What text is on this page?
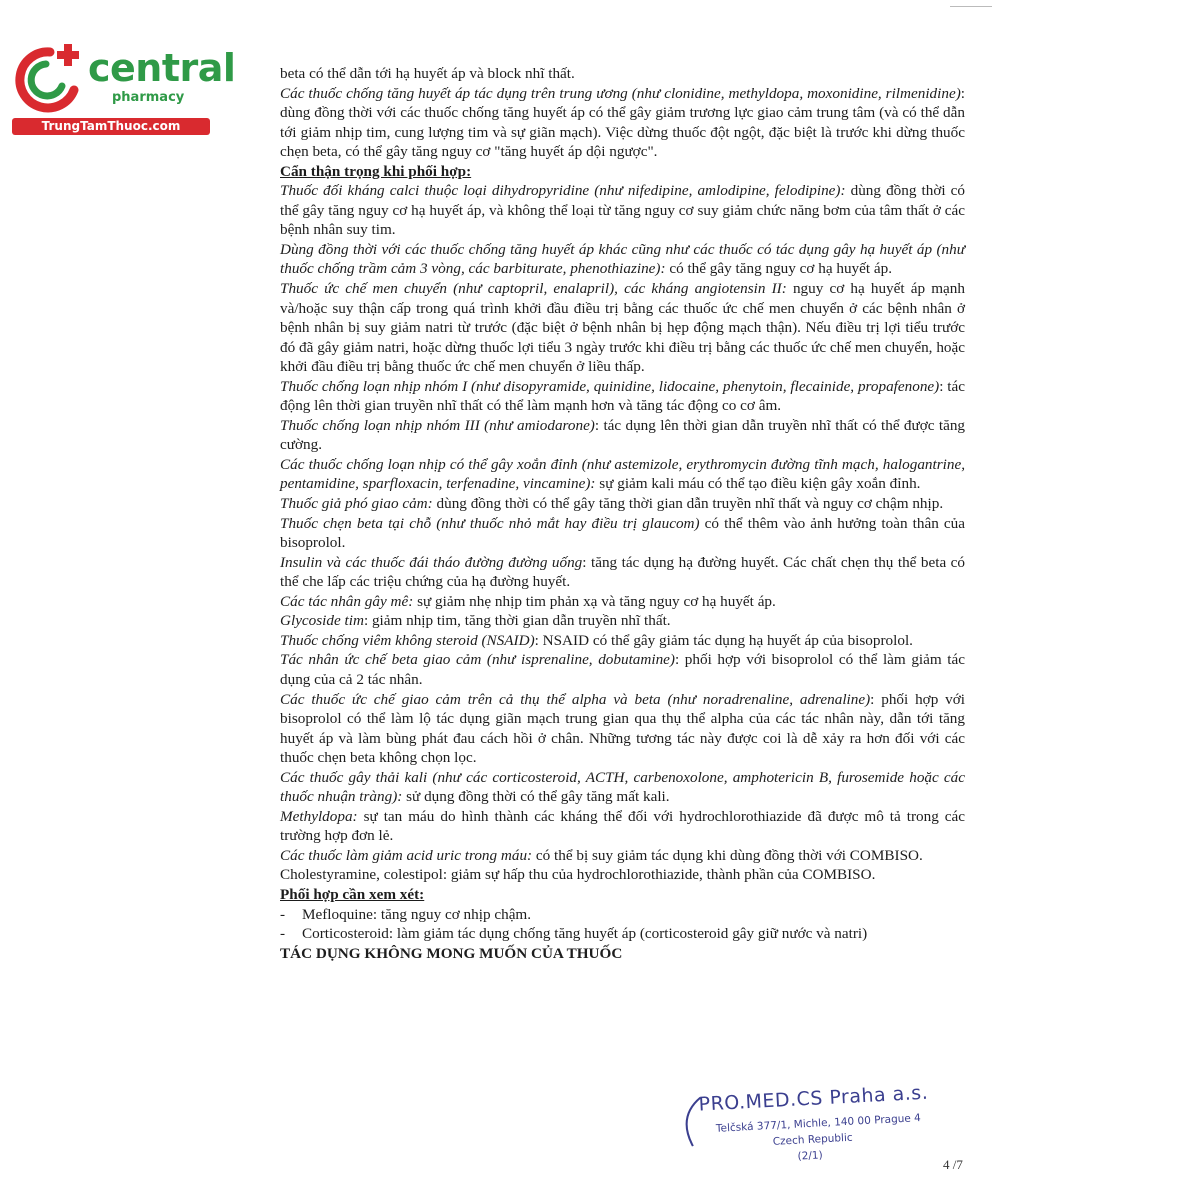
central
pharmacy
TrungTamThuoc.com

beta có thể dẫn tới hạ huyết áp và block nhĩ thất.

Các thuốc chống tăng huyết áp tác dụng trên trung ương (như clonidine, methyldopa, moxonidine, rilmenidine): dùng đồng thời với các thuốc chống tăng huyết áp có thể gây giảm trương lực giao cảm trung tâm (và có thể dẫn tới giảm nhịp tim, cung lượng tim và sự giãn mạch). Việc dừng thuốc đột ngột, đặc biệt là trước khi dừng thuốc chẹn beta, có thể gây tăng nguy cơ "tăng huyết áp dội ngược".

Cẩn thận trọng khi phối hợp:

Thuốc đối kháng calci thuộc loại dihydropyridine (như nifedipine, amlodipine, felodipine): dùng đồng thời có thể gây tăng nguy cơ hạ huyết áp, và không thể loại từ tăng nguy cơ suy giảm chức năng bơm của tâm thất ở các bệnh nhân suy tim.

Dùng đồng thời với các thuốc chống tăng huyết áp khác cũng như các thuốc có tác dụng gây hạ huyết áp (như thuốc chống trầm cảm 3 vòng, các barbiturate, phenothiazine): có thể gây tăng nguy cơ hạ huyết áp.

Thuốc ức chế men chuyển (như captopril, enalapril), các kháng angiotensin II: nguy cơ hạ huyết áp mạnh và/hoặc suy thận cấp trong quá trình khởi đầu điều trị bằng các thuốc ức chế men chuyển ở các bệnh nhân ở bệnh nhân bị suy giảm natri từ trước (đặc biệt ở bệnh nhân bị hẹp động mạch thận). Nếu điều trị lợi tiểu trước đó đã gây giảm natri, hoặc dừng thuốc lợi tiểu 3 ngày trước khi điều trị bằng các thuốc ức chế men chuyển, hoặc khởi đầu điều trị bằng thuốc ức chế men chuyển ở liều thấp.

Thuốc chống loạn nhịp nhóm I (như disopyramide, quinidine, lidocaine, phenytoin, flecainide, propafenone): tác động lên thời gian truyền nhĩ thất có thể làm mạnh hơn và tăng tác động co cơ âm.

Thuốc chống loạn nhịp nhóm III (như amiodarone): tác dụng lên thời gian dẫn truyền nhĩ thất có thể được tăng cường.

Các thuốc chống loạn nhịp có thể gây xoắn đỉnh (như astemizole, erythromycin đường tĩnh mạch, halogantrine, pentamidine, sparfloxacin, terfenadine, vincamine): sự giảm kali máu có thể tạo điều kiện gây xoắn đỉnh.

Thuốc giả phó giao cảm: dùng đồng thời có thể gây tăng thời gian dẫn truyền nhĩ thất và nguy cơ chậm nhịp.

Thuốc chẹn beta tại chỗ (như thuốc nhỏ mắt hay điều trị glaucom) có thể thêm vào ảnh hưởng toàn thân của bisoprolol.

Insulin và các thuốc đái tháo đường đường uống: tăng tác dụng hạ đường huyết. Các chất chẹn thụ thể beta có thể che lấp các triệu chứng của hạ đường huyết.

Các tác nhân gây mê: sự giảm nhẹ nhịp tim phản xạ và tăng nguy cơ hạ huyết áp.

Glycoside tim: giảm nhịp tim, tăng thời gian dẫn truyền nhĩ thất.

Thuốc chống viêm không steroid (NSAID): NSAID có thể gây giảm tác dụng hạ huyết áp của bisoprolol.

Tác nhân ức chế beta giao cảm (như isprenaline, dobutamine): phối hợp với bisoprolol có thể làm giảm tác dụng của cả 2 tác nhân.

Các thuốc ức chế giao cảm trên cả thụ thể alpha và beta (như noradrenaline, adrenaline): phối hợp với bisoprolol có thể làm lộ tác dụng giãn mạch trung gian qua thụ thể alpha của các tác nhân này, dẫn tới tăng huyết áp và làm bùng phát đau cách hồi ở chân. Những tương tác này được coi là dễ xảy ra hơn đối với các thuốc chẹn beta không chọn lọc.

Các thuốc gây thải kali (như các corticosteroid, ACTH, carbenoxolone, amphotericin B, furosemide hoặc các thuốc nhuận tràng): sử dụng đồng thời có thể gây tăng mất kali.

Methyldopa: sự tan máu do hình thành các kháng thể đối với hydrochlorothiazide đã được mô tả trong các trường hợp đơn lẻ.

Các thuốc làm giảm acid uric trong máu: có thể bị suy giảm tác dụng khi dùng đồng thời với COMBISO.

Cholestyramine, colestipol: giảm sự hấp thu của hydrochlorothiazide, thành phần của COMBISO.

Phối hợp cần xem xét:

- Mefloquine: tăng nguy cơ nhịp chậm.

- Corticosteroid: làm giảm tác dụng chống tăng huyết áp (corticosteroid gây giữ nước và natri)

TÁC DỤNG KHÔNG MONG MUỐN CỦA THUỐC

PRO.MED.CS Praha a.s.
Telčská 377/1, Michle, 140 00 Prague 4
Czech Republic
(2/1)
4 /7
